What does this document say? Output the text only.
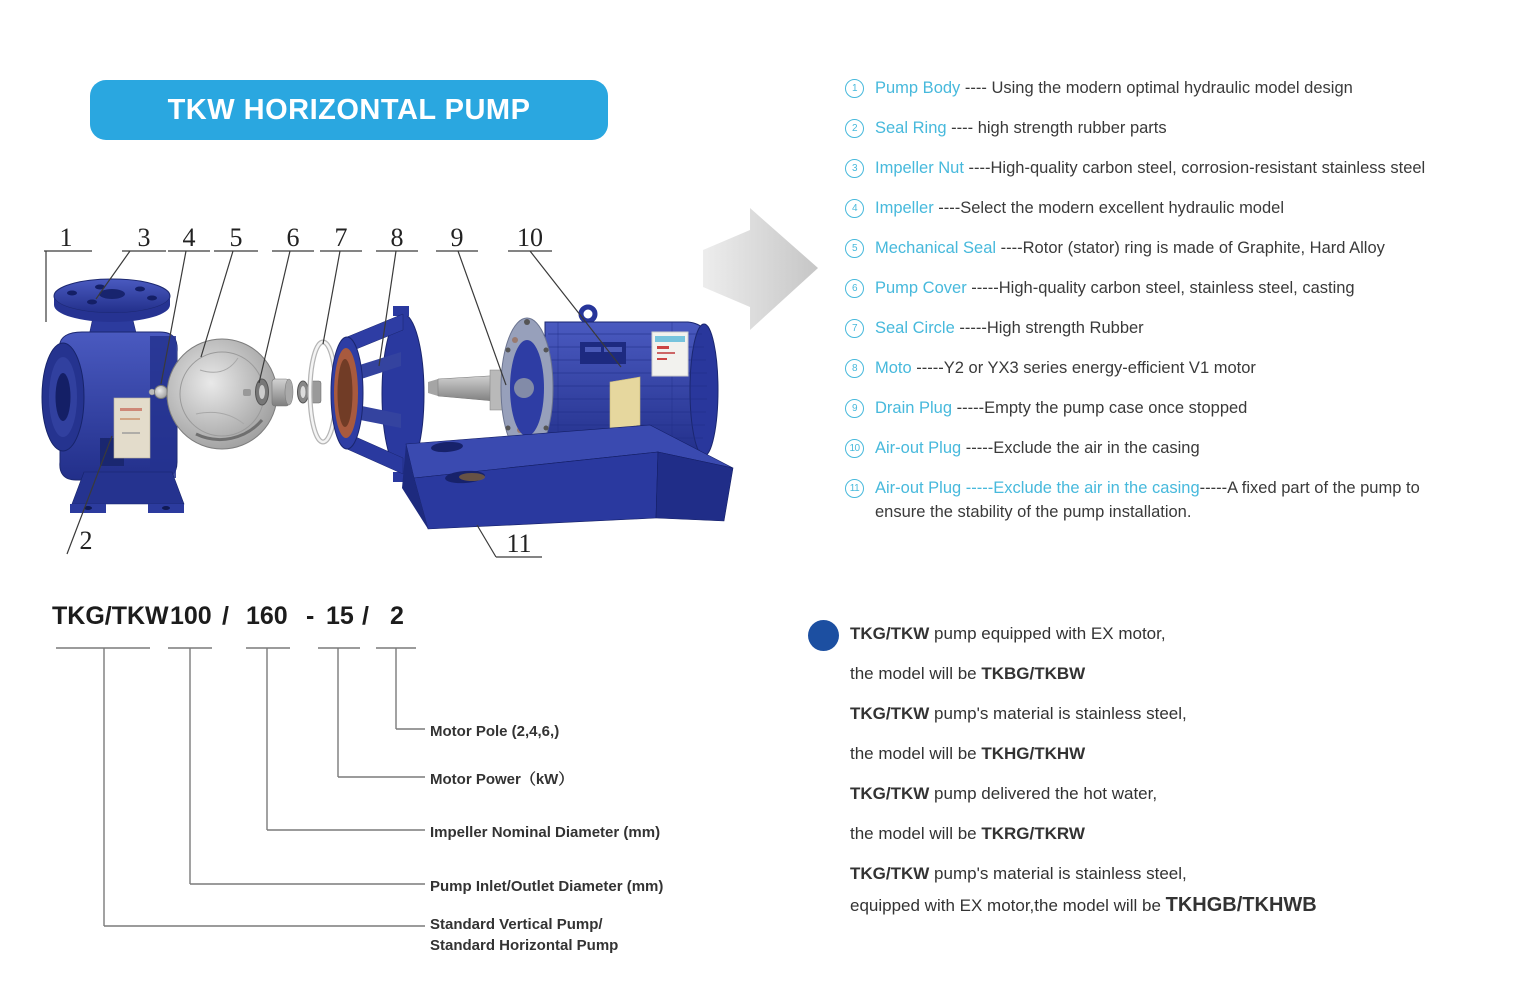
TKW HORIZONTAL PUMP
1	3 4 5 6 7 8 9 10
2	11
1	Pump Body ---- Using the modern optimal hydraulic model design
2	Seal Ring ---- high strength rubber parts
3	Impeller Nut ----High-quality carbon steel, corrosion-resistant stainless steel
4	Impeller ----Select the modern excellent hydraulic model
5	Mechanical Seal ----Rotor (stator) ring is made of Graphite, Hard Alloy
6	Pump Cover -----High-quality carbon steel, stainless steel, casting
7	Seal Circle -----High strength Rubber
8	Moto -----Y2 or YX3 series energy-efficient V1 motor
9	Drain Plug -----Empty the pump case once stopped
10 Air-out Plug -----Exclude the air in the casing
11 Air-out Plug -----Exclude the air in the casing-----A fixed part of the pump to
ensure the stability of the pump installation.
TKG/TKW 100 / 160 - 15 / 2
Motor Pole (2,4,6,)
Motor Power（kW）
Impeller Nominal Diameter (mm)
Pump Inlet/Outlet Diameter (mm)
Standard Vertical Pump/
Standard Horizontal Pump
TKG/TKW pump equipped with EX motor,
the model will be TKBG/TKBW
TKG/TKW pump's material is stainless steel,
the model will be TKHG/TKHW
TKG/TKW pump delivered the hot water,
the model will be TKRG/TKRW
TKG/TKW pump's material is stainless steel,
equipped with EX motor,the model will be TKHGB/TKHWB
